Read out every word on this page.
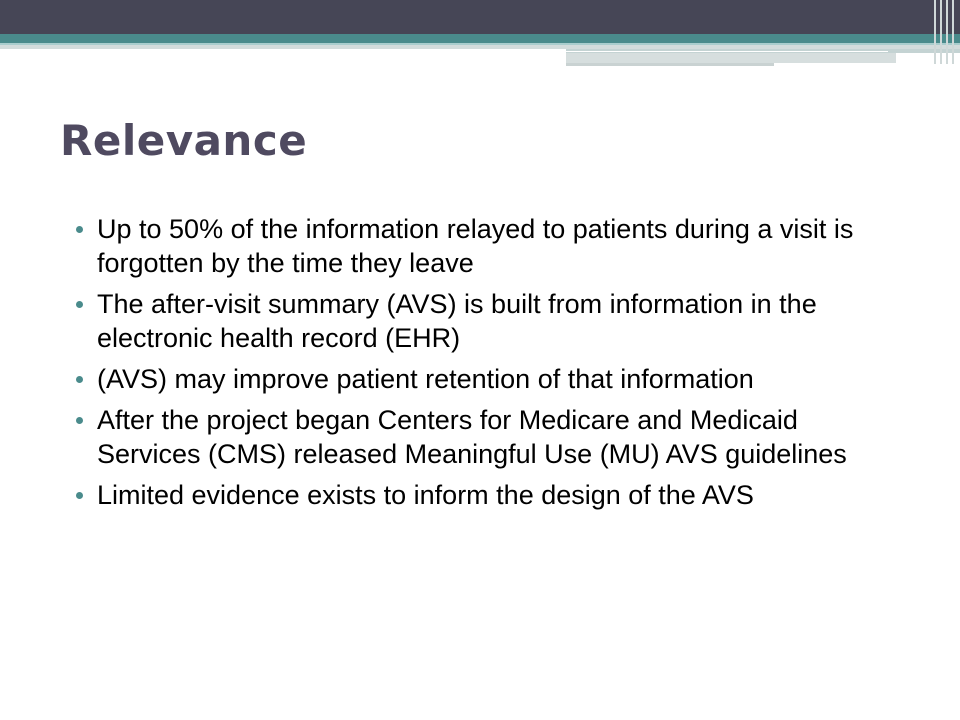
Relevance
Up to 50% of the information relayed to patients during a visit is forgotten by the time they leave
The after-visit summary (AVS) is built from information in the electronic health record (EHR)
(AVS) may improve patient retention of that information
After the project began Centers for Medicare and Medicaid Services (CMS) released Meaningful Use (MU) AVS guidelines
Limited evidence exists to inform the design of the AVS
